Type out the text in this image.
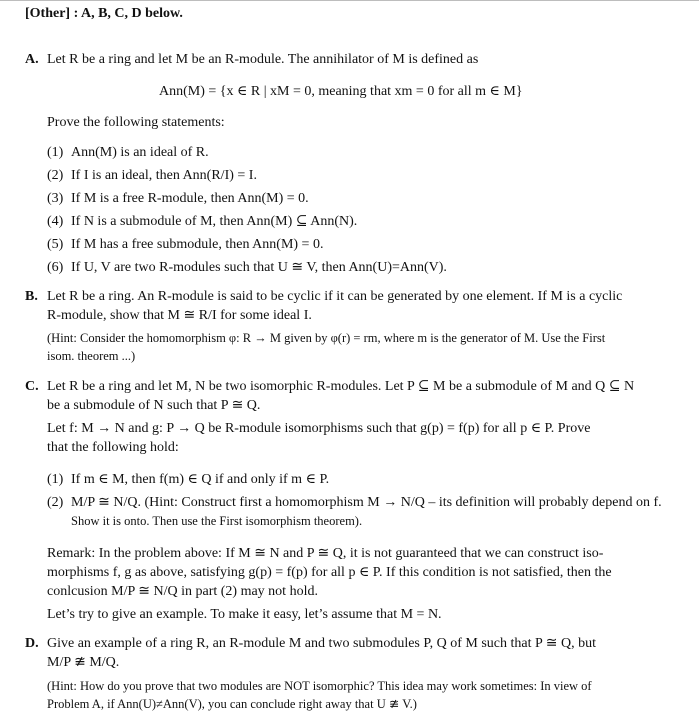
[Other] : A, B, C, D below.
A. Let R be a ring and let M be an R-module. The annihilator of M is defined as
Ann(M) = {x ∈ R | xM = 0, meaning that xm = 0 for all m ∈ M}
Prove the following statements:
(1) Ann(M) is an ideal of R.
(2) If I is an ideal, then Ann(R/I) = I.
(3) If M is a free R-module, then Ann(M) = 0.
(4) If N is a submodule of M, then Ann(M) ⊆ Ann(N).
(5) If M has a free submodule, then Ann(M) = 0.
(6) If U, V are two R-modules such that U ≅ V, then Ann(U)=Ann(V).
B. Let R be a ring. An R-module is said to be cyclic if it can be generated by one element. If M is a cyclic
R-module, show that M ≅ R/I for some ideal I.
(Hint: Consider the homomorphism φ: R → M given by φ(r) = rm, where m is the generator of M. Use the First
isom. theorem ...)
C. Let R be a ring and let M, N be two isomorphic R-modules. Let P ⊆ M be a submodule of M and Q ⊆ N
be a submodule of N such that P ≅ Q.
Let f: M → N and g: P → Q be R-module isomorphisms such that g(p) = f(p) for all p ∈ P. Prove
that the following hold:
(1) If m ∈ M, then f(m) ∈ Q if and only if m ∈ P.
(2) M/P ≅ N/Q. (Hint: Construct first a homomorphism M → N/Q – its definition will probably depend on f.
Show it is onto. Then use the First isomorphism theorem).
Remark: In the problem above: If M ≅ N and P ≅ Q, it is not guaranteed that we can construct iso-
morphisms f, g as above, satisfying g(p) = f(p) for all p ∈ P. If this condition is not satisfied, then the
conlcusion M/P ≅ N/Q in part (2) may not hold.
Let’s try to give an example. To make it easy, let’s assume that M = N.
D. Give an example of a ring R, an R-module M and two submodules P, Q of M such that P ≅ Q, but
M/P ≇ M/Q.
(Hint: How do you prove that two modules are NOT isomorphic? This idea may work sometimes: In view of
Problem A, if Ann(U)≠Ann(V), you can conclude right away that U ≇ V.)
